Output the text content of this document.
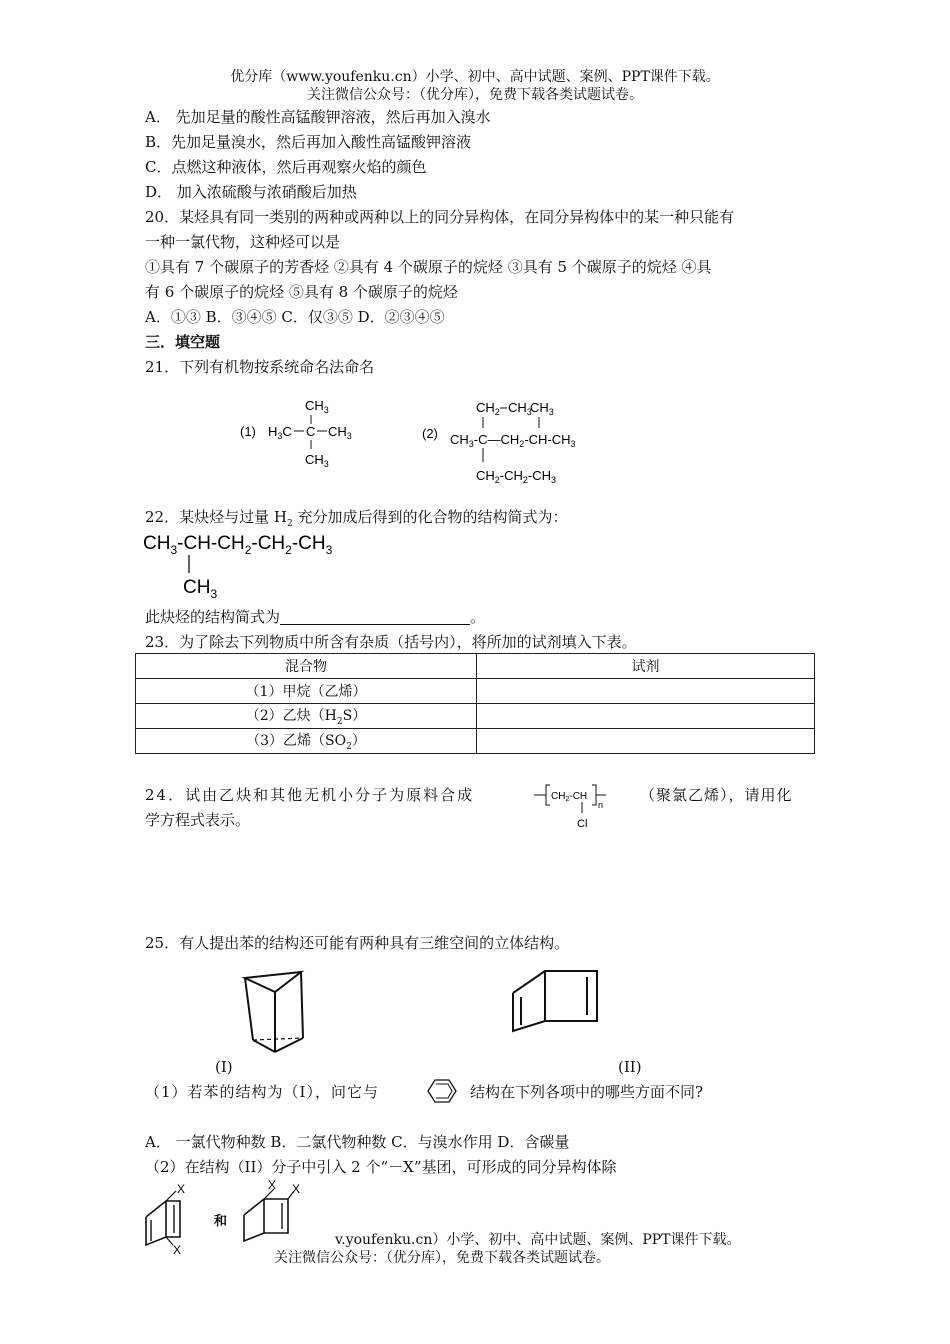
优分库（www.youfenku.cn）小学、初中、高中试题、案例、PPT课件下载。
关注微信公众号：（优分库），免费下载各类试题试卷。
A． 先加足量的酸性高锰酸钾溶液，然后再加入溴水
B．先加足量溴水，然后再加入酸性高锰酸钾溶液
C．点燃这种液体，然后再观察火焰的颜色
D． 加入浓硫酸与浓硝酸后加热
20．某烃具有同一类别的两种或两种以上的同分异构体，在同分异构体中的某一种只能有
一种一氯代物，这种烃可以是
①具有 7 个碳原子的芳香烃 ②具有 4 个碳原子的烷烃 ③具有 5 个碳原子的烷烃 ④具
有 6 个碳原子的烷烃 ⑤具有 8 个碳原子的烷烃
A．①③ B．③④⑤ C．仅③⑤ D．②③④⑤
三．填空题
21．下列有机物按系统命名法命名
(1)
$CH_3$
$H_3C$ C $CH_3$
$CH_3$
(2)
$CH_2$ $CH_3$
$CH_3$
$CH_3-C—CH_2-CH-CH_3$
$CH_2-CH_2-CH_3$
22．某炔烃与过量 $H_2$ 充分加成后得到的化合物的结构简式为：
$CH_3-CH-CH_2-CH_2-CH_3$
$CH_3$
此炔烃的结构简式为	。
23．为了除去下列物质中所含有杂质（括号内），将所加的试剂填入下表。
混合物	试剂
（1）甲烷（乙烯）	
（2）乙炔$(H_2S)$	
（3）乙烯$(SO_2)$	
24．试由乙炔和其他无机小分子为原料合成	$CH_2-CH$
n
Cl
（聚氯乙烯），请用化
学方程式表示。
25．有人提出苯的结构还可能有两种具有三维空间的立体结构。
(I)	(II)
（1）若苯的结构为（I），问它与	结构在下列各项中的哪些方面不同?
A． 一氯代物种数 B．二氯代物种数 C．与溴水作用 D．含碳量
（2）在结构（II）分子中引入 2 个“－X”基团，可形成的同分异构体除
X
X
和
X X
v.youfenku.cn）小学、初中、高中试题、案例、PPT课件下载。
关注微信公众号：（优分库），免费下载各类试题试卷。
